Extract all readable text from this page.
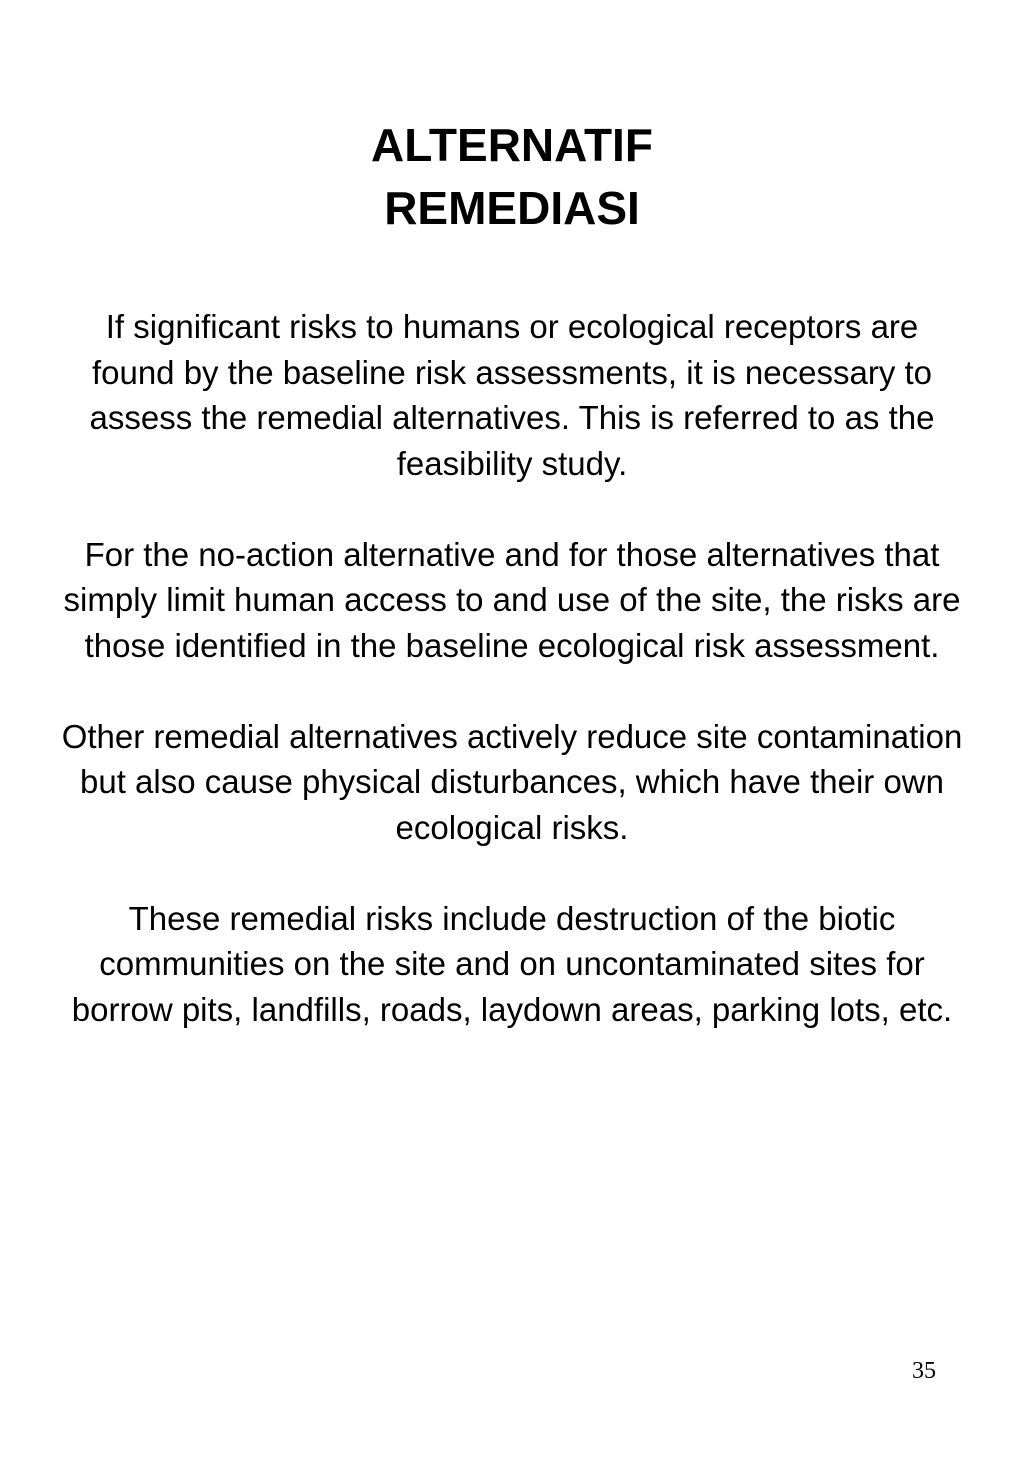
ALTERNATIF
REMEDIASI

If significant risks to humans or ecological receptors are found by the baseline risk assessments, it is necessary to assess the remedial alternatives. This is referred to as the feasibility study.

For the no-action alternative and for those alternatives that simply limit human access to and use of the site, the risks are those identified in the baseline ecological risk assessment.

Other remedial alternatives actively reduce site contamination but also cause physical disturbances, which have their own ecological risks.

These remedial risks include destruction of the biotic communities on the site and on uncontaminated sites for borrow pits, landfills, roads, laydown areas, parking lots, etc.

35
